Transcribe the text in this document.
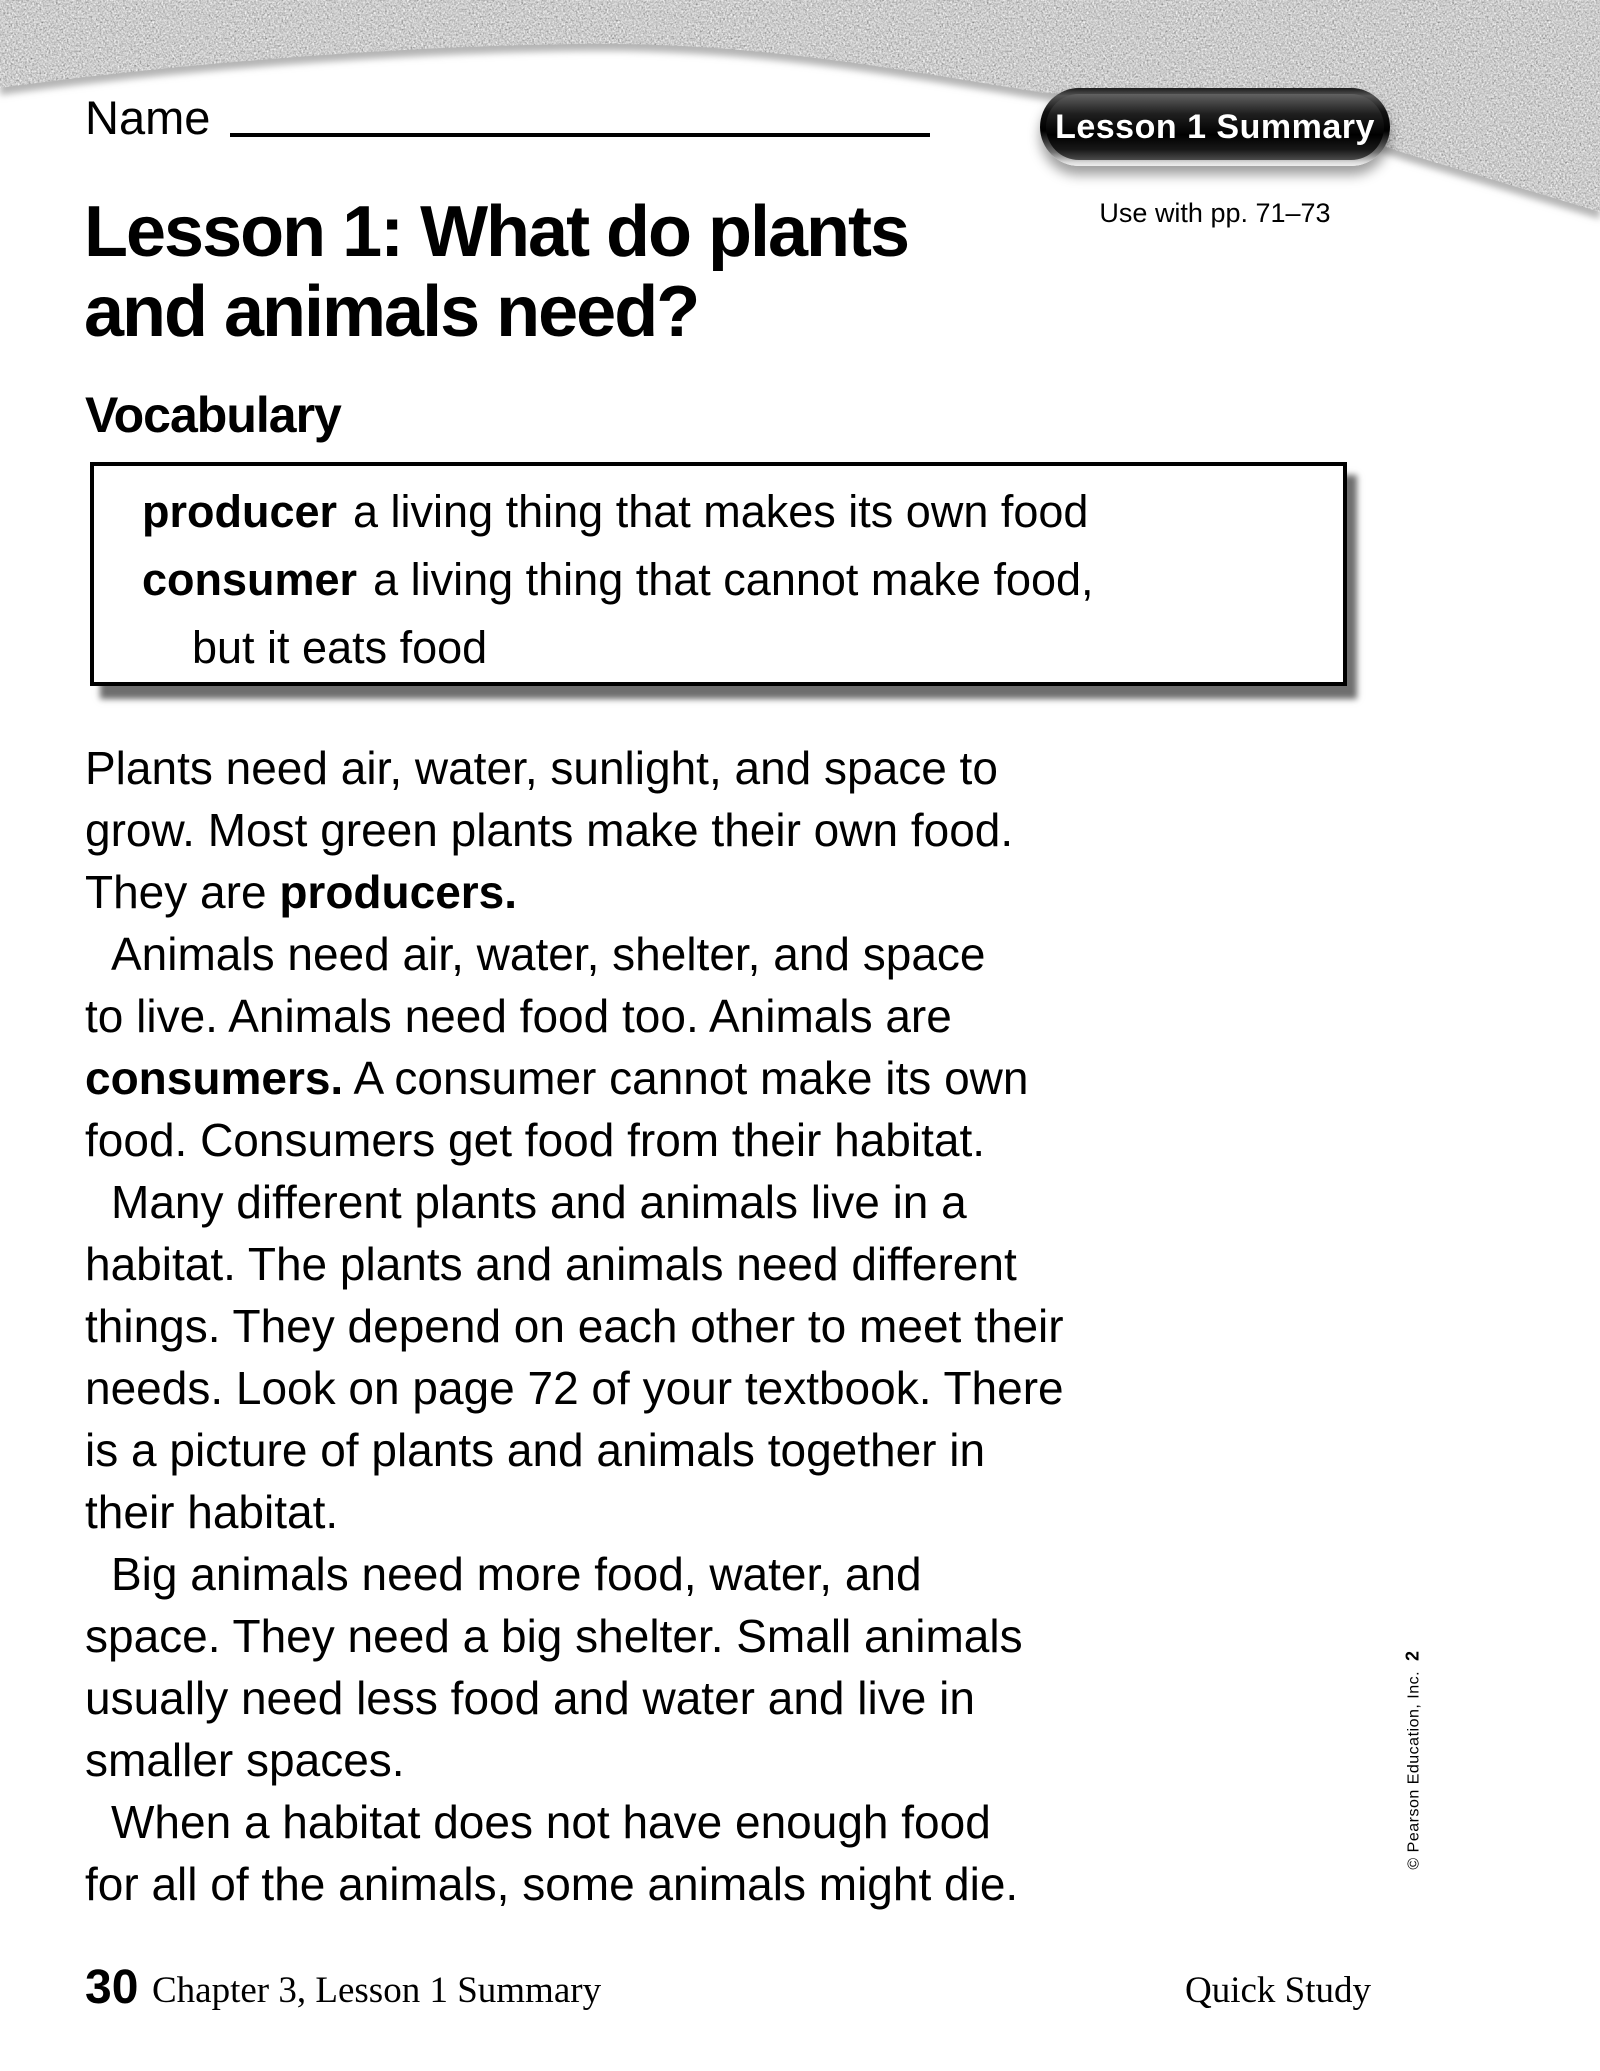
Name	Lesson 1 Summary
Use with pp. 71–73
Lesson 1: What do plants
and animals need?
Vocabulary
producer a living thing that makes its own food
consumer a living thing that cannot make food,
but it eats food
Plants need air, water, sunlight, and space to
grow. Most green plants make their own food.
They are producers.
Animals need air, water, shelter, and space
to live. Animals need food too. Animals are
consumers. A consumer cannot make its own
food. Consumers get food from their habitat.
Many different plants and animals live in a
habitat. The plants and animals need different
things. They depend on each other to meet their
needs. Look on page 72 of your textbook. There
is a picture of plants and animals together in
their habitat.
Big animals need more food, water, and
space. They need a big shelter. Small animals
usually need less food and water and live in
smaller spaces.
When a habitat does not have enough food
for all of the animals, some animals might die.
© Pearson Education, Inc.2
30 Chapter 3, Lesson 1 Summary	Quick Study
